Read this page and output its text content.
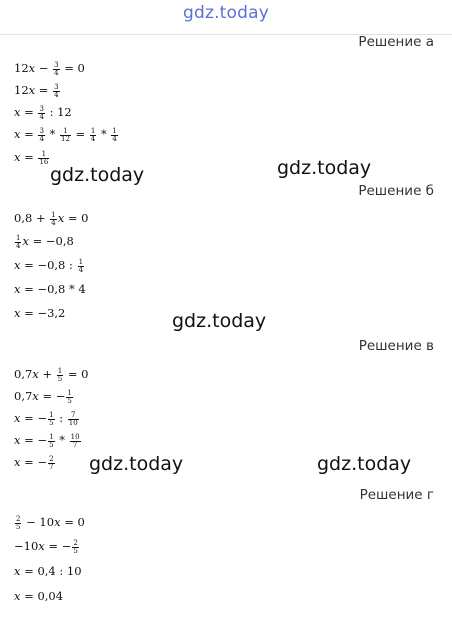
gdz.today
Решение а
$12x - \frac{3}{4} = 0$
$12x = \frac{3}{4}$
$x = \frac{3}{4}$ : 12
$x = \frac{3}{4} * \frac{1}{12} = \frac{1}{4} * \frac{1}{4}$
$x = \frac{1}{16}$
gdz.today	gdz.today
Решение б
$0,8 + \frac{1}{4}$ x = 0
$\frac{1}{4}$ x = −0,8
x = −0,8 : $\frac{1}{4}$
x = −0,8 * 4
x = −3,2	gdz.today
Решение в
$0,7x + \frac{1}{5} = 0$
0,7x = − $\frac{1}{5}$
x = − $\frac{1}{5}$ : $\frac{7}{10}$
x = − $\frac{1}{5} * \frac{10}{7}$
x = − $\frac{2}{7}$ gdz.today	gdz.today
Решение г
$\frac{2}{5} - 10x = 0$
−10x = − $\frac{2}{5}$
x = 0,4 : 10
x = 0,04
